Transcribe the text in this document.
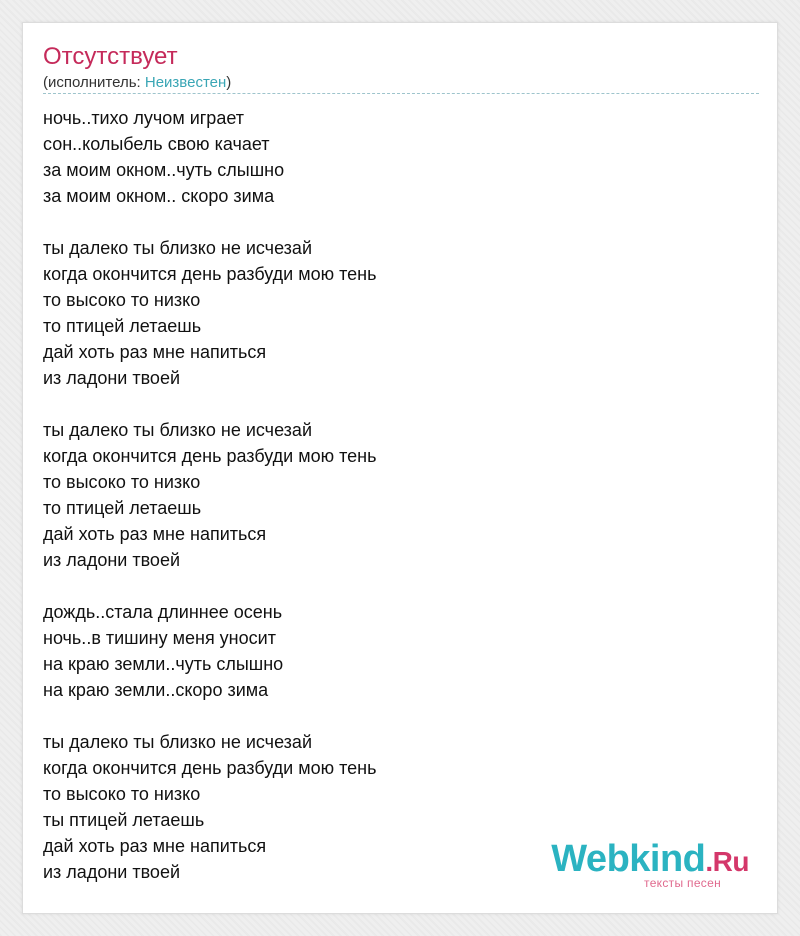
Отсутствует
(исполнитель: Неизвестен)
ночь..тихо лучом играет
сон..колыбель свою качает
за моим окном..чуть слышно
за моим окном.. скоро зима
ты далеко ты близко не исчезай
когда окончится день разбуди мою тень
то высоко то низко
то птицей летаешь
дай хоть раз мне напиться
из ладони твоей
ты далеко ты близко не исчезай
когда окончится день разбуди мою тень
то высоко то низко
то птицей летаешь
дай хоть раз мне напиться
из ладони твоей
дождь..стала длиннее осень
ночь..в тишину меня уносит
на краю земли..чуть слышно
на краю земли..скоро зима
ты далеко ты близко не исчезай
когда окончится день разбуди мою тень
то высоко то низко
ты птицей летаешь
дай хоть раз мне напиться
из ладони твоей	Webkind.Ru
тексты песен
